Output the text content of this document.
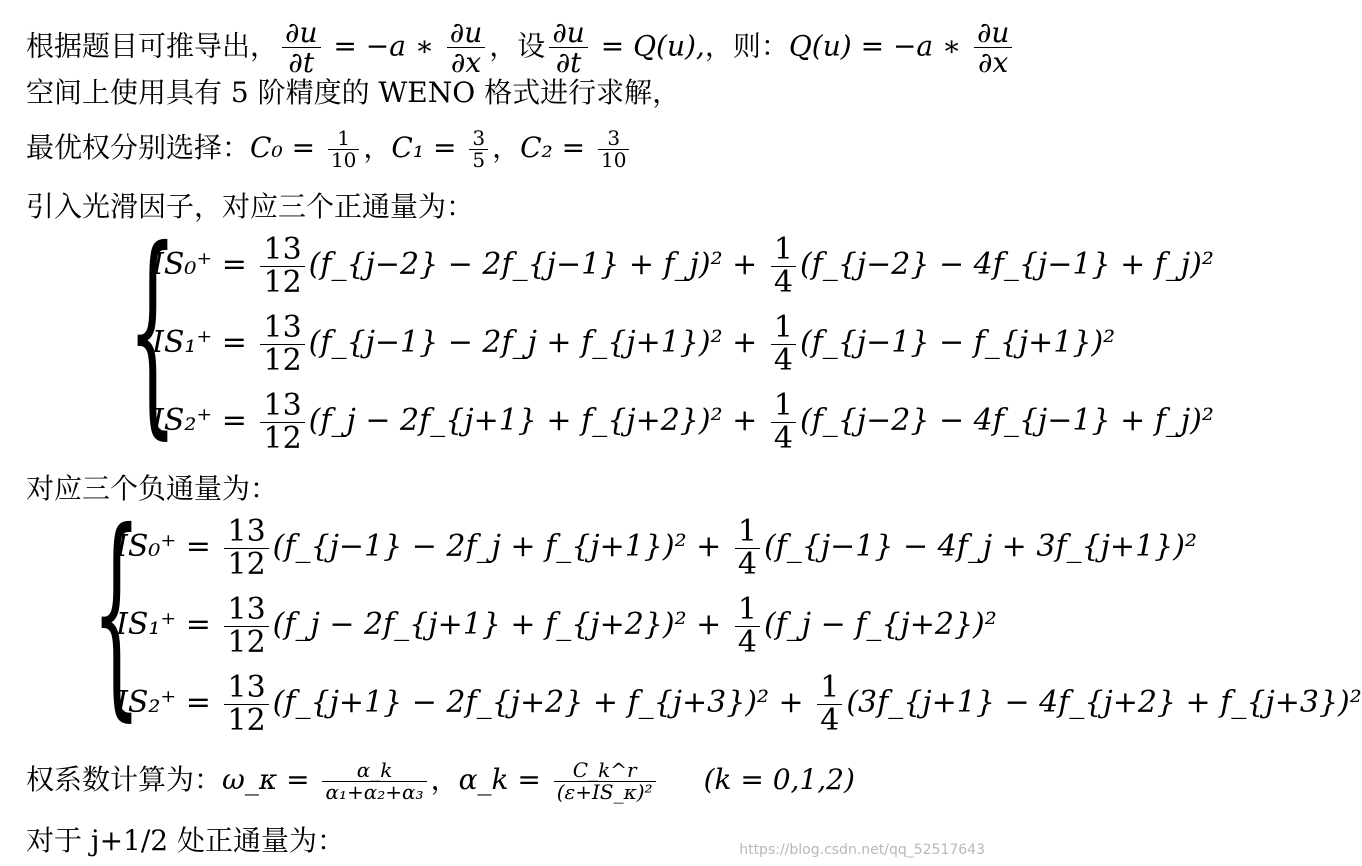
根据题目可推导出， $\frac{\partial u}{\partial t} = -a$ ∗ $\frac{\partial u}{\partial x}$ ，设 $\frac{\partial u}{\partial t} = Q(u)$,，则：Q(u) = −a ∗ $\frac{\partial u}{\partial x}$
空间上使用具有 5 阶精度的 WENO 格式进行求解，
最优权分别选择：$C_0 = \frac{1}{10}$ ，$C_1 = \frac{3}{5}$ ，$C_2 = \frac{3}{10}$
引入光滑因子，对应三个正通量为：
{
$IS_0^+ = \frac{13}{12}$ (f_{j−2} − 2f_{j−1} + f_j)² + $\frac{1}{4}$ (f_{j−2} − 4f_{j−1} + f_j)²
$IS_1^+ = \frac{13}{12}$ (f_{j−1} − 2f_j + f_{j+1})² + $\frac{1}{4}$ (f_{j−1} − f_{j+1})²
$IS_2^+ = \frac{13}{12}$ (f_j − 2f_{j+1} + f_{j+2})² + $\frac{1}{4}$ (f_{j−2} − 4f_{j−1} + f_j)²
对应三个负通量为：
{
$IS_0^+ = \frac{13}{12}$ (f_{j−1} − 2f_j + f_{j+1})² + $\frac{1}{4}$ (f_{j−1} − 4f_j + 3f_{j+1})²
$IS_1^+ = \frac{13}{12}$ (f_j − 2f_{j+1} + f_{j+2})² + $\frac{1}{4}$ (f_j − f_{j+2})²
$IS_2^+ = \frac{13}{12}$ (f_{j+1} − 2f_{j+2} + f_{j+3})² + $\frac{1}{4}$ (3f_{j+1} − 4f_{j+2} + f_{j+3})²
权系数计算为：ω_κ = $\frac{\alpha\_k}{\text{α₁+α₂+α₃}}$ ，α_k = $\frac{C\_k\^{}r}{\text{(ε+IS\_κ)²}} (k = 0,1,2)$
对于 j+1/2 处正通量为：	https://blog.csdn.net/qq_52517643
